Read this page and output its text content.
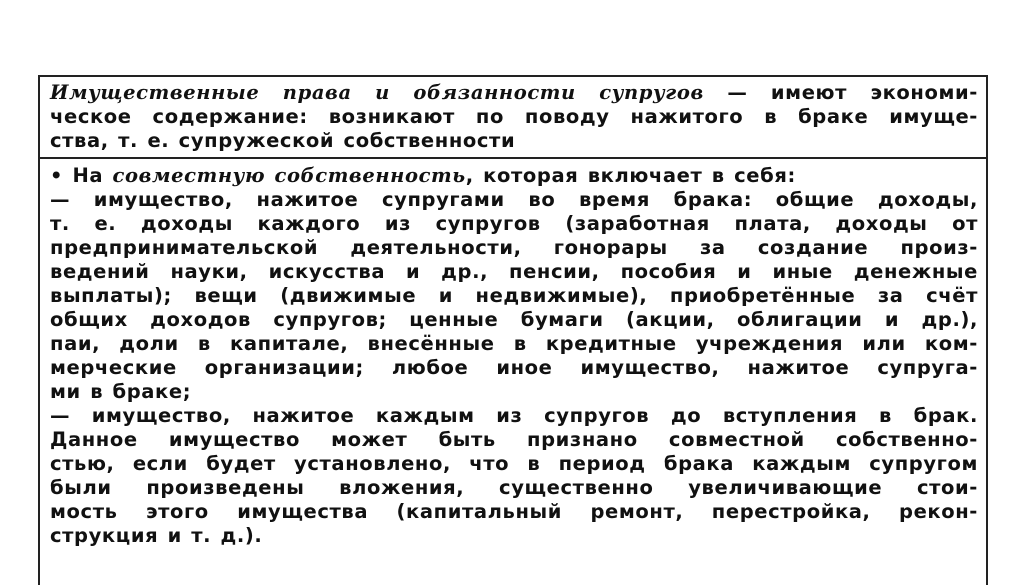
Имущественные права и обязанности супругов — имеют экономи-
ческое содержание: возникают по поводу нажитого в браке имуще-
ства, т. е. супружеской собственности
• На совместную собственность, которая включает в себя:
— имущество, нажитое супругами во время брака: общие доходы,
т. е. доходы каждого из супругов (заработная плата, доходы от
предпринимательской деятельности, гонорары за создание произ-
ведений науки, искусства и др., пенсии, пособия и иные денежные
выплаты); вещи (движимые и недвижимые), приобретённые за счёт
общих доходов супругов; ценные бумаги (акции, облигации и др.),
паи, доли в капитале, внесённые в кредитные учреждения или ком-
мерческие организации; любое иное имущество, нажитое супруга-
ми в браке;
— имущество, нажитое каждым из супругов до вступления в брак.
Данное имущество может быть признано совместной собственно-
стью, если будет установлено, что в период брака каждым супругом
были произведены вложения, существенно увеличивающие стои-
мость этого имущества (капитальный ремонт, перестройка, рекон-
струкция и т. д.).
